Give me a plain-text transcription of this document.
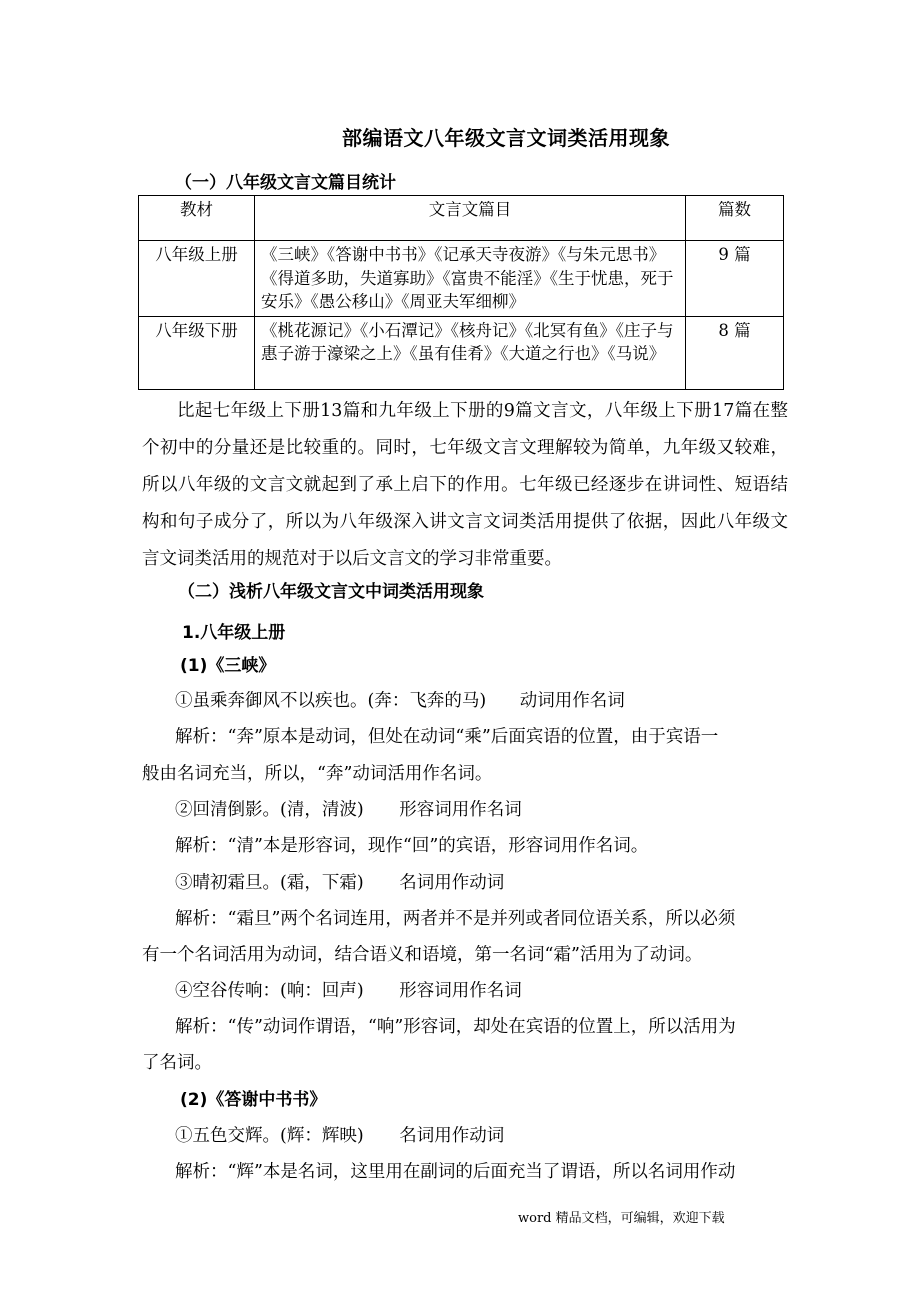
部编语文八年级文言文词类活用现象
（一）八年级文言文篇目统计
教材	文言文篇目	篇数
八年级上册	《三峡》《答谢中书书》《记承天寺夜游》《与朱元思书》《得道多助，失道寡助》《富贵不能淫》《生于忧患，死于安乐》《愚公移山》《周亚夫军细柳》	9 篇
八年级下册	《桃花源记》《小石潭记》《核舟记》《北冥有鱼》《庄子与惠子游于濠梁之上》《虽有佳肴》《大道之行也》《马说》	8 篇

比起七年级上下册13篇和九年级上下册的9篇文言文，八年级上下册17篇在整个初中的分量还是比较重的。同时，七年级文言文理解较为简单，九年级又较难，所以八年级的文言文就起到了承上启下的作用。七年级已经逐步在讲词性、短语结构和句子成分了，所以为八年级深入讲文言文词类活用提供了依据，因此八年级文言文词类活用的规范对于以后文言文的学习非常重要。

（二）浅析八年级文言文中词类活用现象
1.八年级上册
(1)《三峡》
①虽乘奔御风不以疾也。(奔：飞奔的马) 动词用作名词
解析：“奔”原本是动词，但处在动词“乘”后面宾语的位置，由于宾语一
般由名词充当，所以，“奔”动词活用作名词。
②回清倒影。(清，清波) 形容词用作名词
解析：“清”本是形容词，现作“回”的宾语，形容词用作名词。
③晴初霜旦。(霜，下霜) 名词用作动词
解析：“霜旦”两个名词连用，两者并不是并列或者同位语关系，所以必须
有一个名词活用为动词，结合语义和语境，第一名词“霜”活用为了动词。
④空谷传响：(响：回声) 形容词用作名词
解析：“传”动词作谓语，“响”形容词，却处在宾语的位置上，所以活用为
了名词。
(2)《答谢中书书》
①五色交辉。(辉：辉映) 名词用作动词
解析：“辉”本是名词，这里用在副词的后面充当了谓语，所以名词用作动
word 精品文档，可编辑，欢迎下载
